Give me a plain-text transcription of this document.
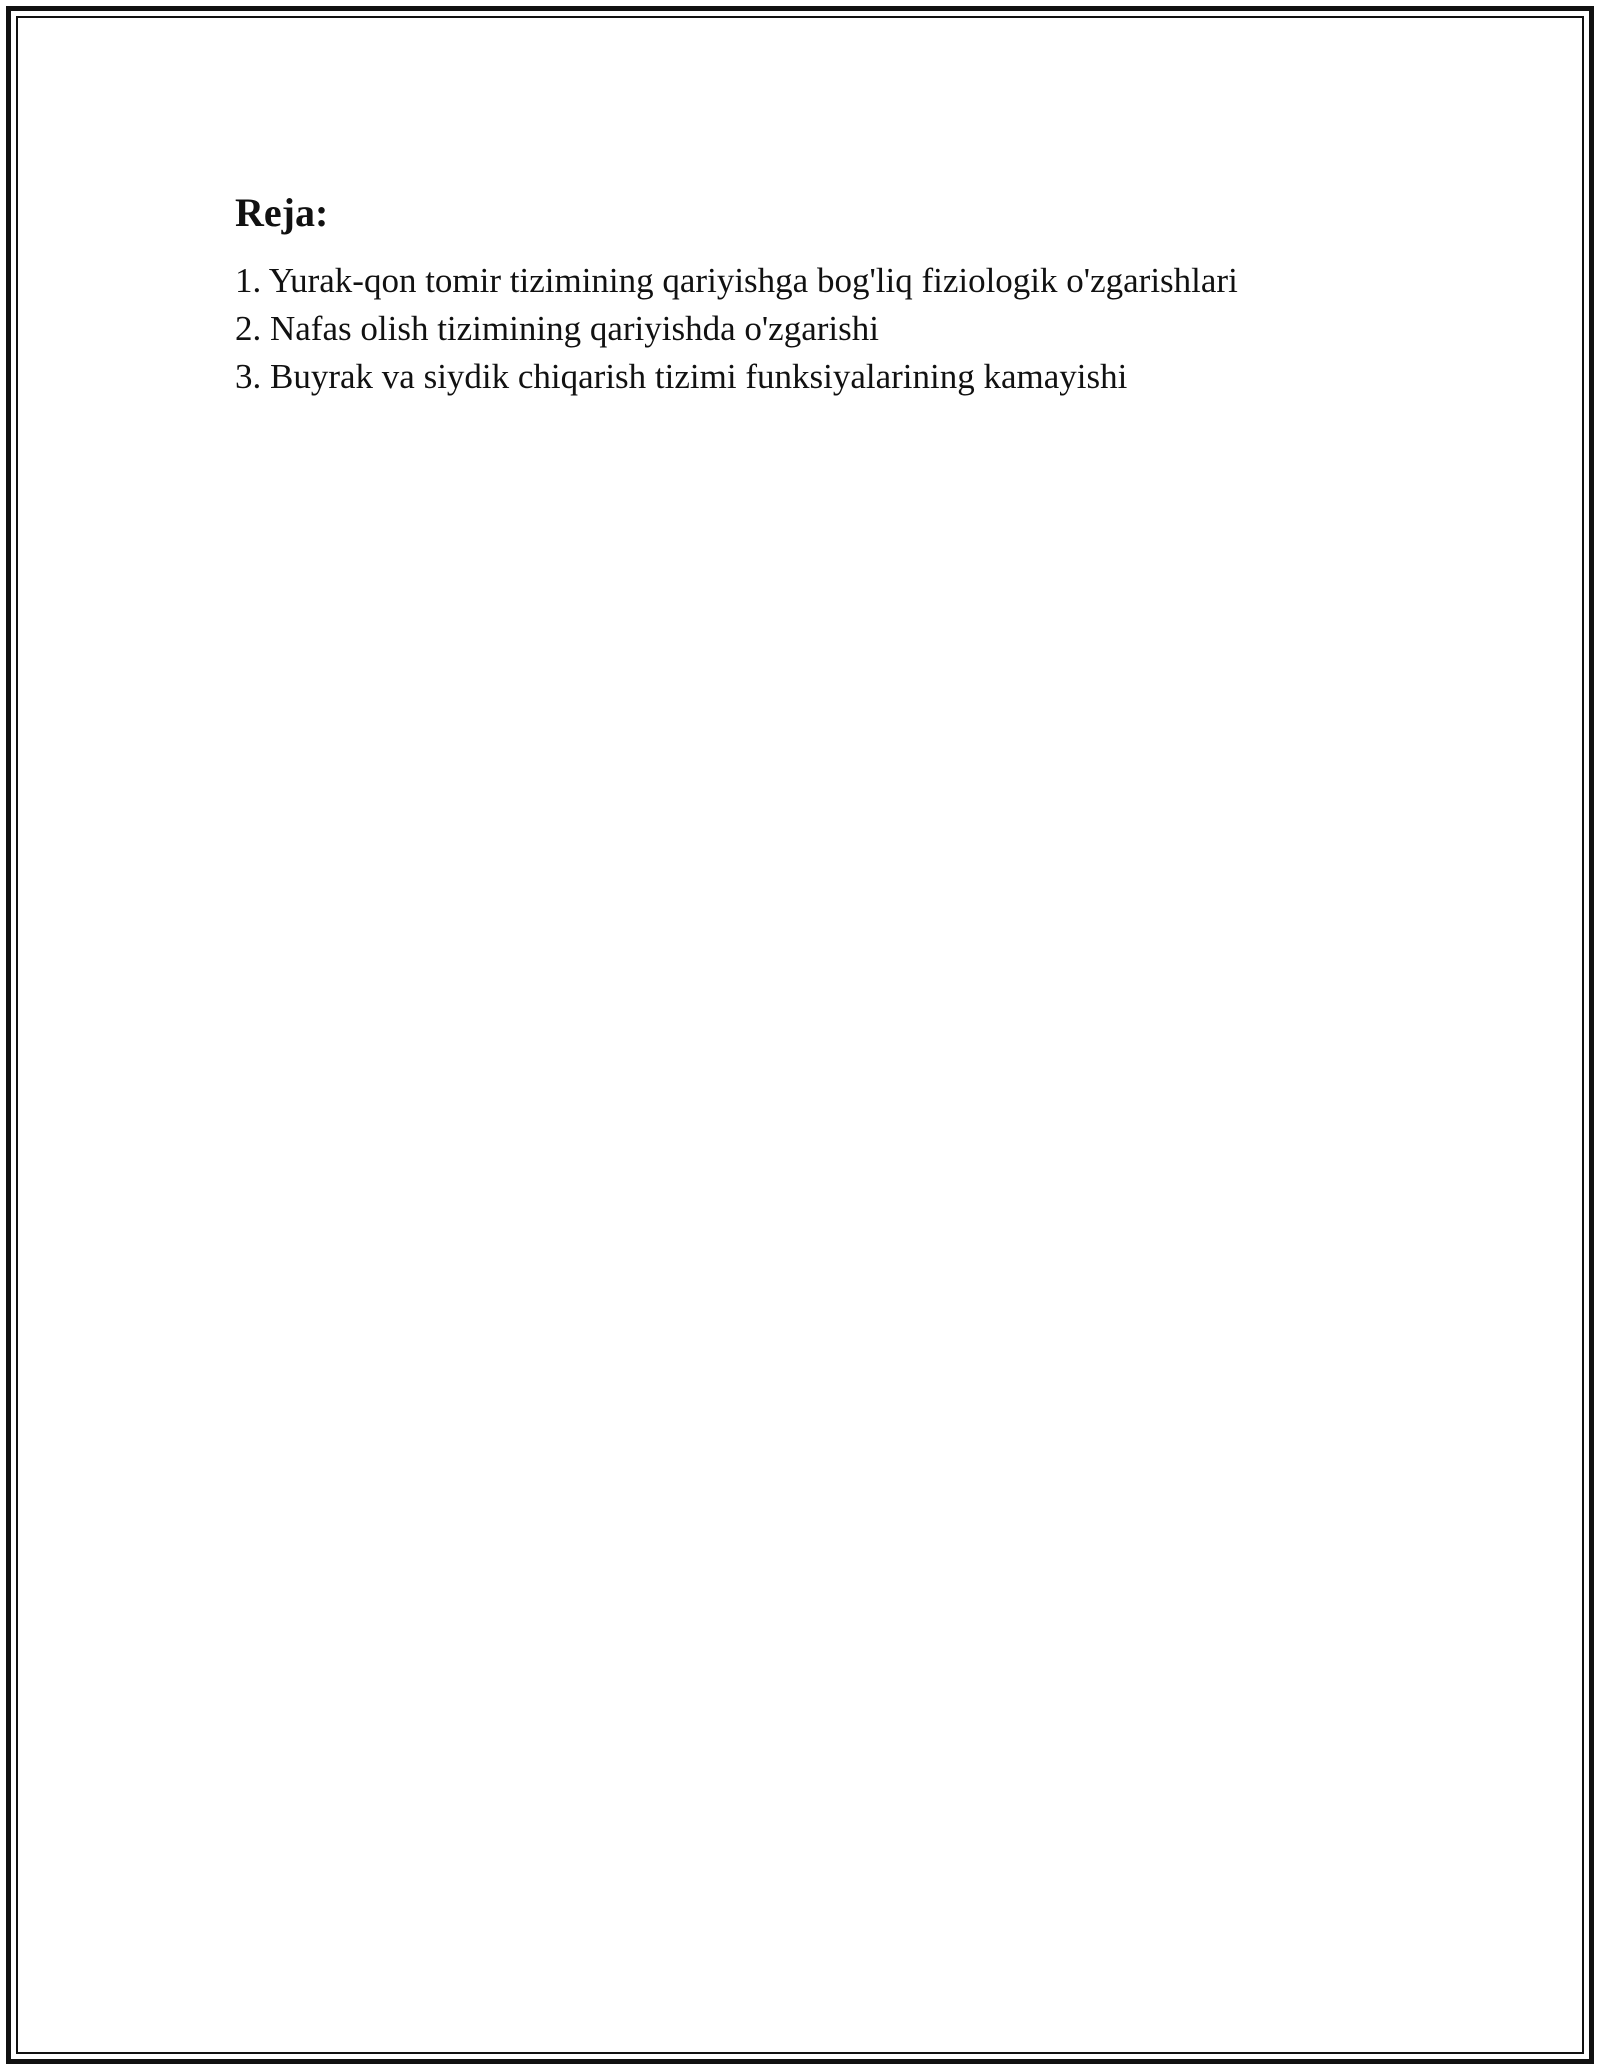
Reja:
1. Yurak-qon tomir tizimining qariyishga bog'liq fiziologik o'zgarishlari
2. Nafas olish tizimining qariyishda o'zgarishi
3. Buyrak va siydik chiqarish tizimi funksiyalarining kamayishi
